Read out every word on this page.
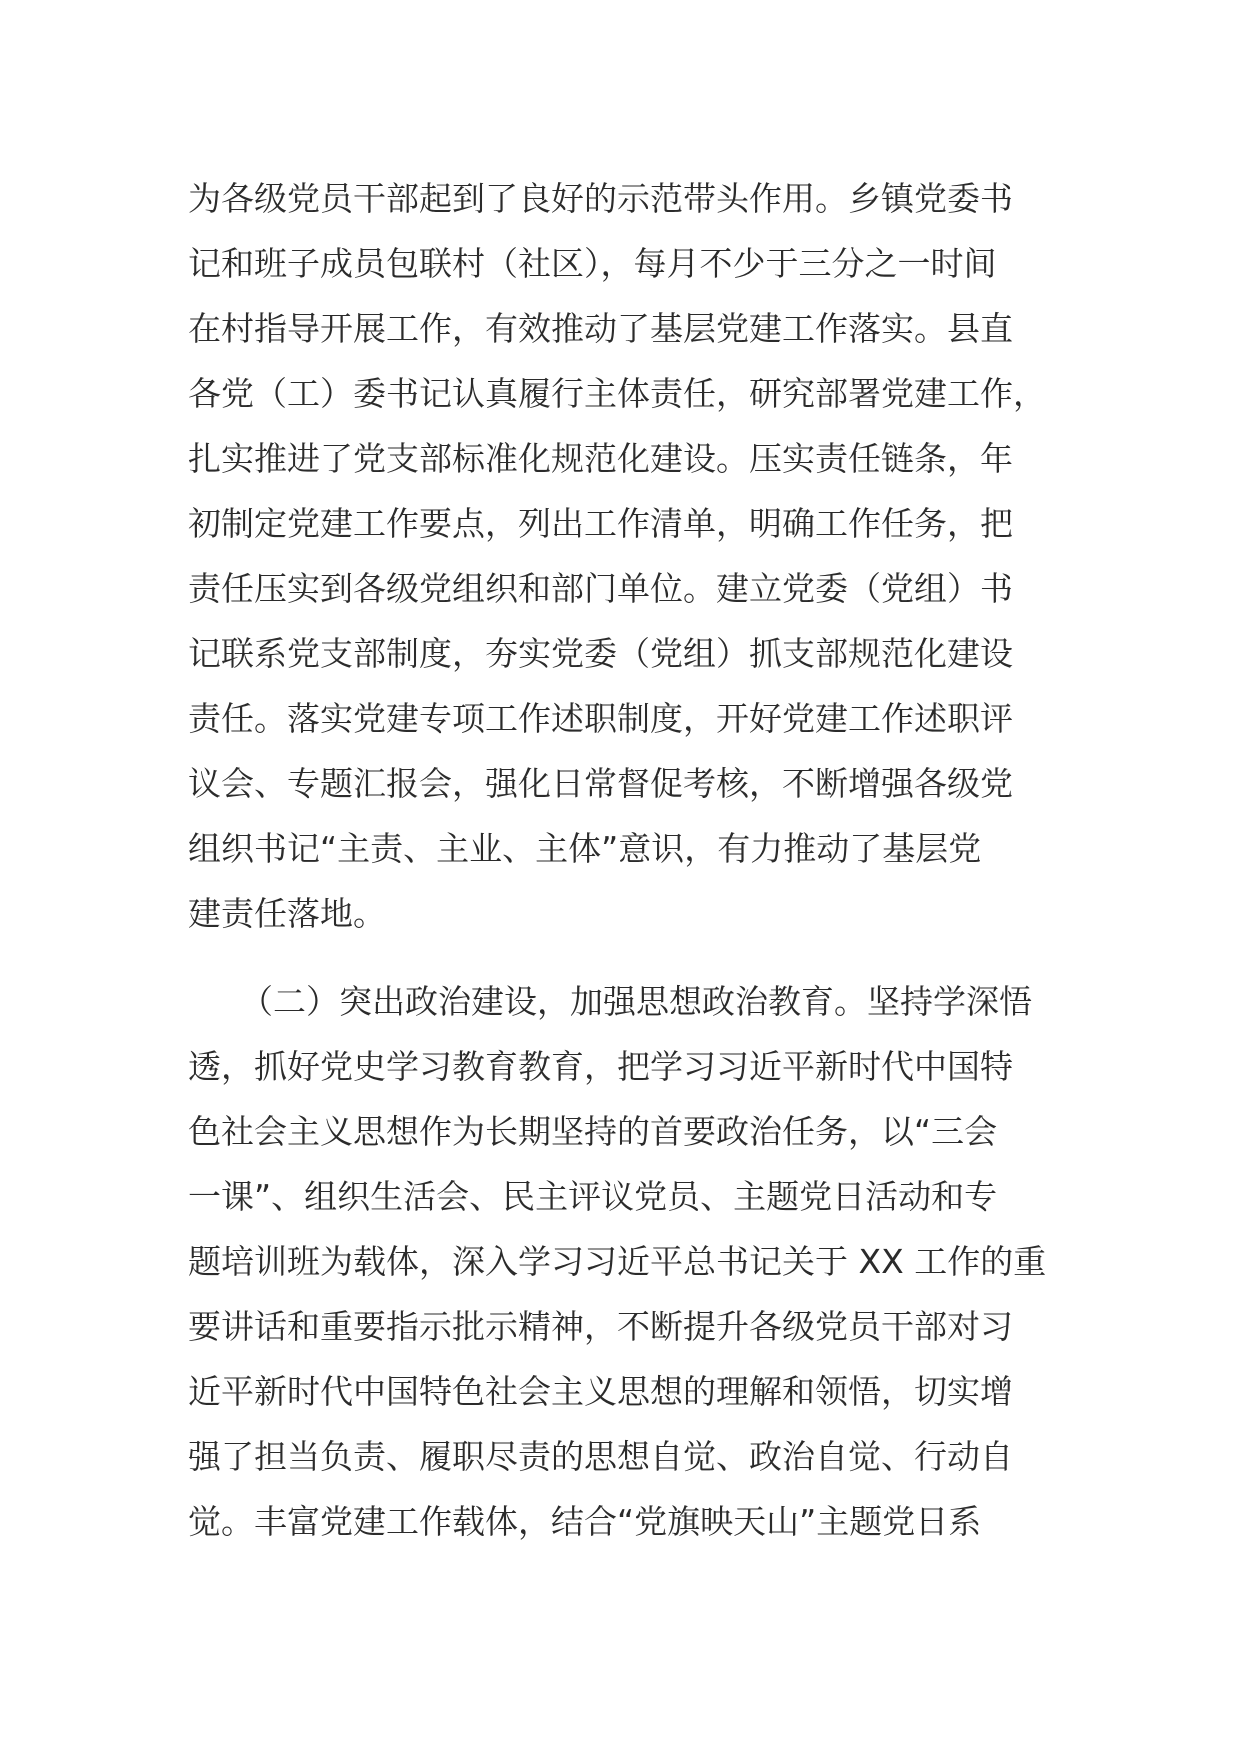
为各级党员干部起到了良好的示范带头作用。乡镇党委书
记和班子成员包联村（社区），每月不少于三分之一时间
在村指导开展工作，有效推动了基层党建工作落实。县直
各党（工）委书记认真履行主体责任，研究部署党建工作，
扎实推进了党支部标准化规范化建设。压实责任链条，年
初制定党建工作要点，列出工作清单，明确工作任务，把
责任压实到各级党组织和部门单位。建立党委（党组）书
记联系党支部制度，夯实党委（党组）抓支部规范化建设
责任。落实党建专项工作述职制度，开好党建工作述职评
议会、专题汇报会，强化日常督促考核，不断增强各级党
组织书记“主责、主业、主体”意识，有力推动了基层党
建责任落地。
（二）突出政治建设，加强思想政治教育。坚持学深悟
透，抓好党史学习教育教育，把学习习近平新时代中国特
色社会主义思想作为长期坚持的首要政治任务，以“三会
一课”、组织生活会、民主评议党员、主题党日活动和专
题培训班为载体，深入学习习近平总书记关于 XX 工作的重
要讲话和重要指示批示精神，不断提升各级党员干部对习
近平新时代中国特色社会主义思想的理解和领悟，切实增
强了担当负责、履职尽责的思想自觉、政治自觉、行动自
觉。丰富党建工作载体，结合“党旗映天山”主题党日系
